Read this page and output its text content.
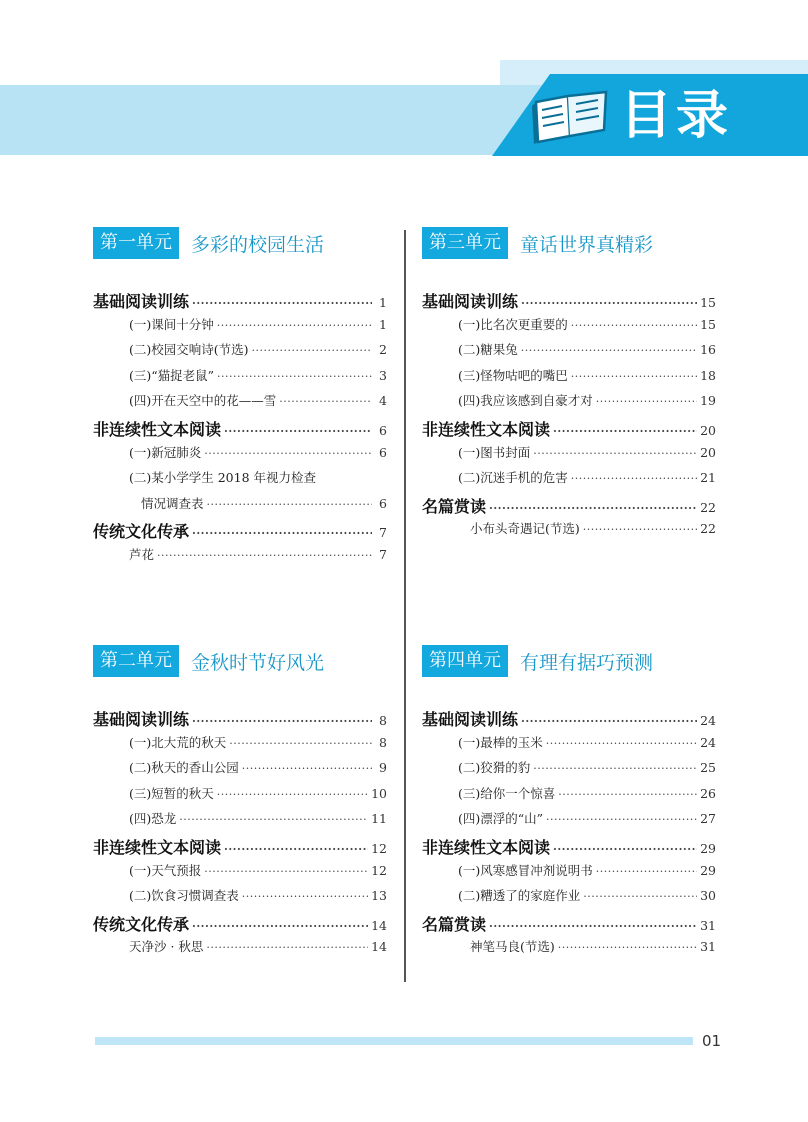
目录
第一单元	多彩的校园生活
基础阅读训练 ·····	1
(一)课间十分钟 ·····	1
(二)校园交响诗(节选) ·····	2
(三)“猫捉老鼠” ·····	3
(四)开在天空中的花——雪 ·····	4
非连续性文本阅读 ·····	6
(一)新冠肺炎 ·····	6
(二)某小学学生 2018 年视力检查
情况调查表 ·····	6
传统文化传承 ·····	7
芦花 ·····	7
第三单元	童话世界真精彩
基础阅读训练 ·····	15
(一)比名次更重要的 ·····	15
(二)糖果兔 ·····	16
(三)怪物咕吧的嘴巴 ·····	18
(四)我应该感到自豪才对 ·····	19
非连续性文本阅读 ·····	20
(一)图书封面 ·····	20
(二)沉迷手机的危害 ·····	21
名篇赏读 ·····	22
小布头奇遇记(节选) ·····	22
第二单元	金秋时节好风光
基础阅读训练 ·····	8
(一)北大荒的秋天 ·····	8
(二)秋天的香山公园 ·····	9
(三)短暂的秋天 ·····	10
(四)恐龙 ·····	11
非连续性文本阅读 ·····	12
(一)天气预报 ·····	12
(二)饮食习惯调查表 ·····	13
传统文化传承 ·····	14
天净沙 · 秋思 ·····	14
第四单元	有理有据巧预测
基础阅读训练 ·····	24
(一)最棒的玉米 ·····	24
(二)狡猾的豹 ·····	25
(三)给你一个惊喜 ·····	26
(四)漂浮的“山” ·····	27
非连续性文本阅读 ·····	29
(一)风寒感冒冲剂说明书 ·····	29
(二)糟透了的家庭作业 ·····	30
名篇赏读 ·····	31
神笔马良(节选) ·····	31
01
